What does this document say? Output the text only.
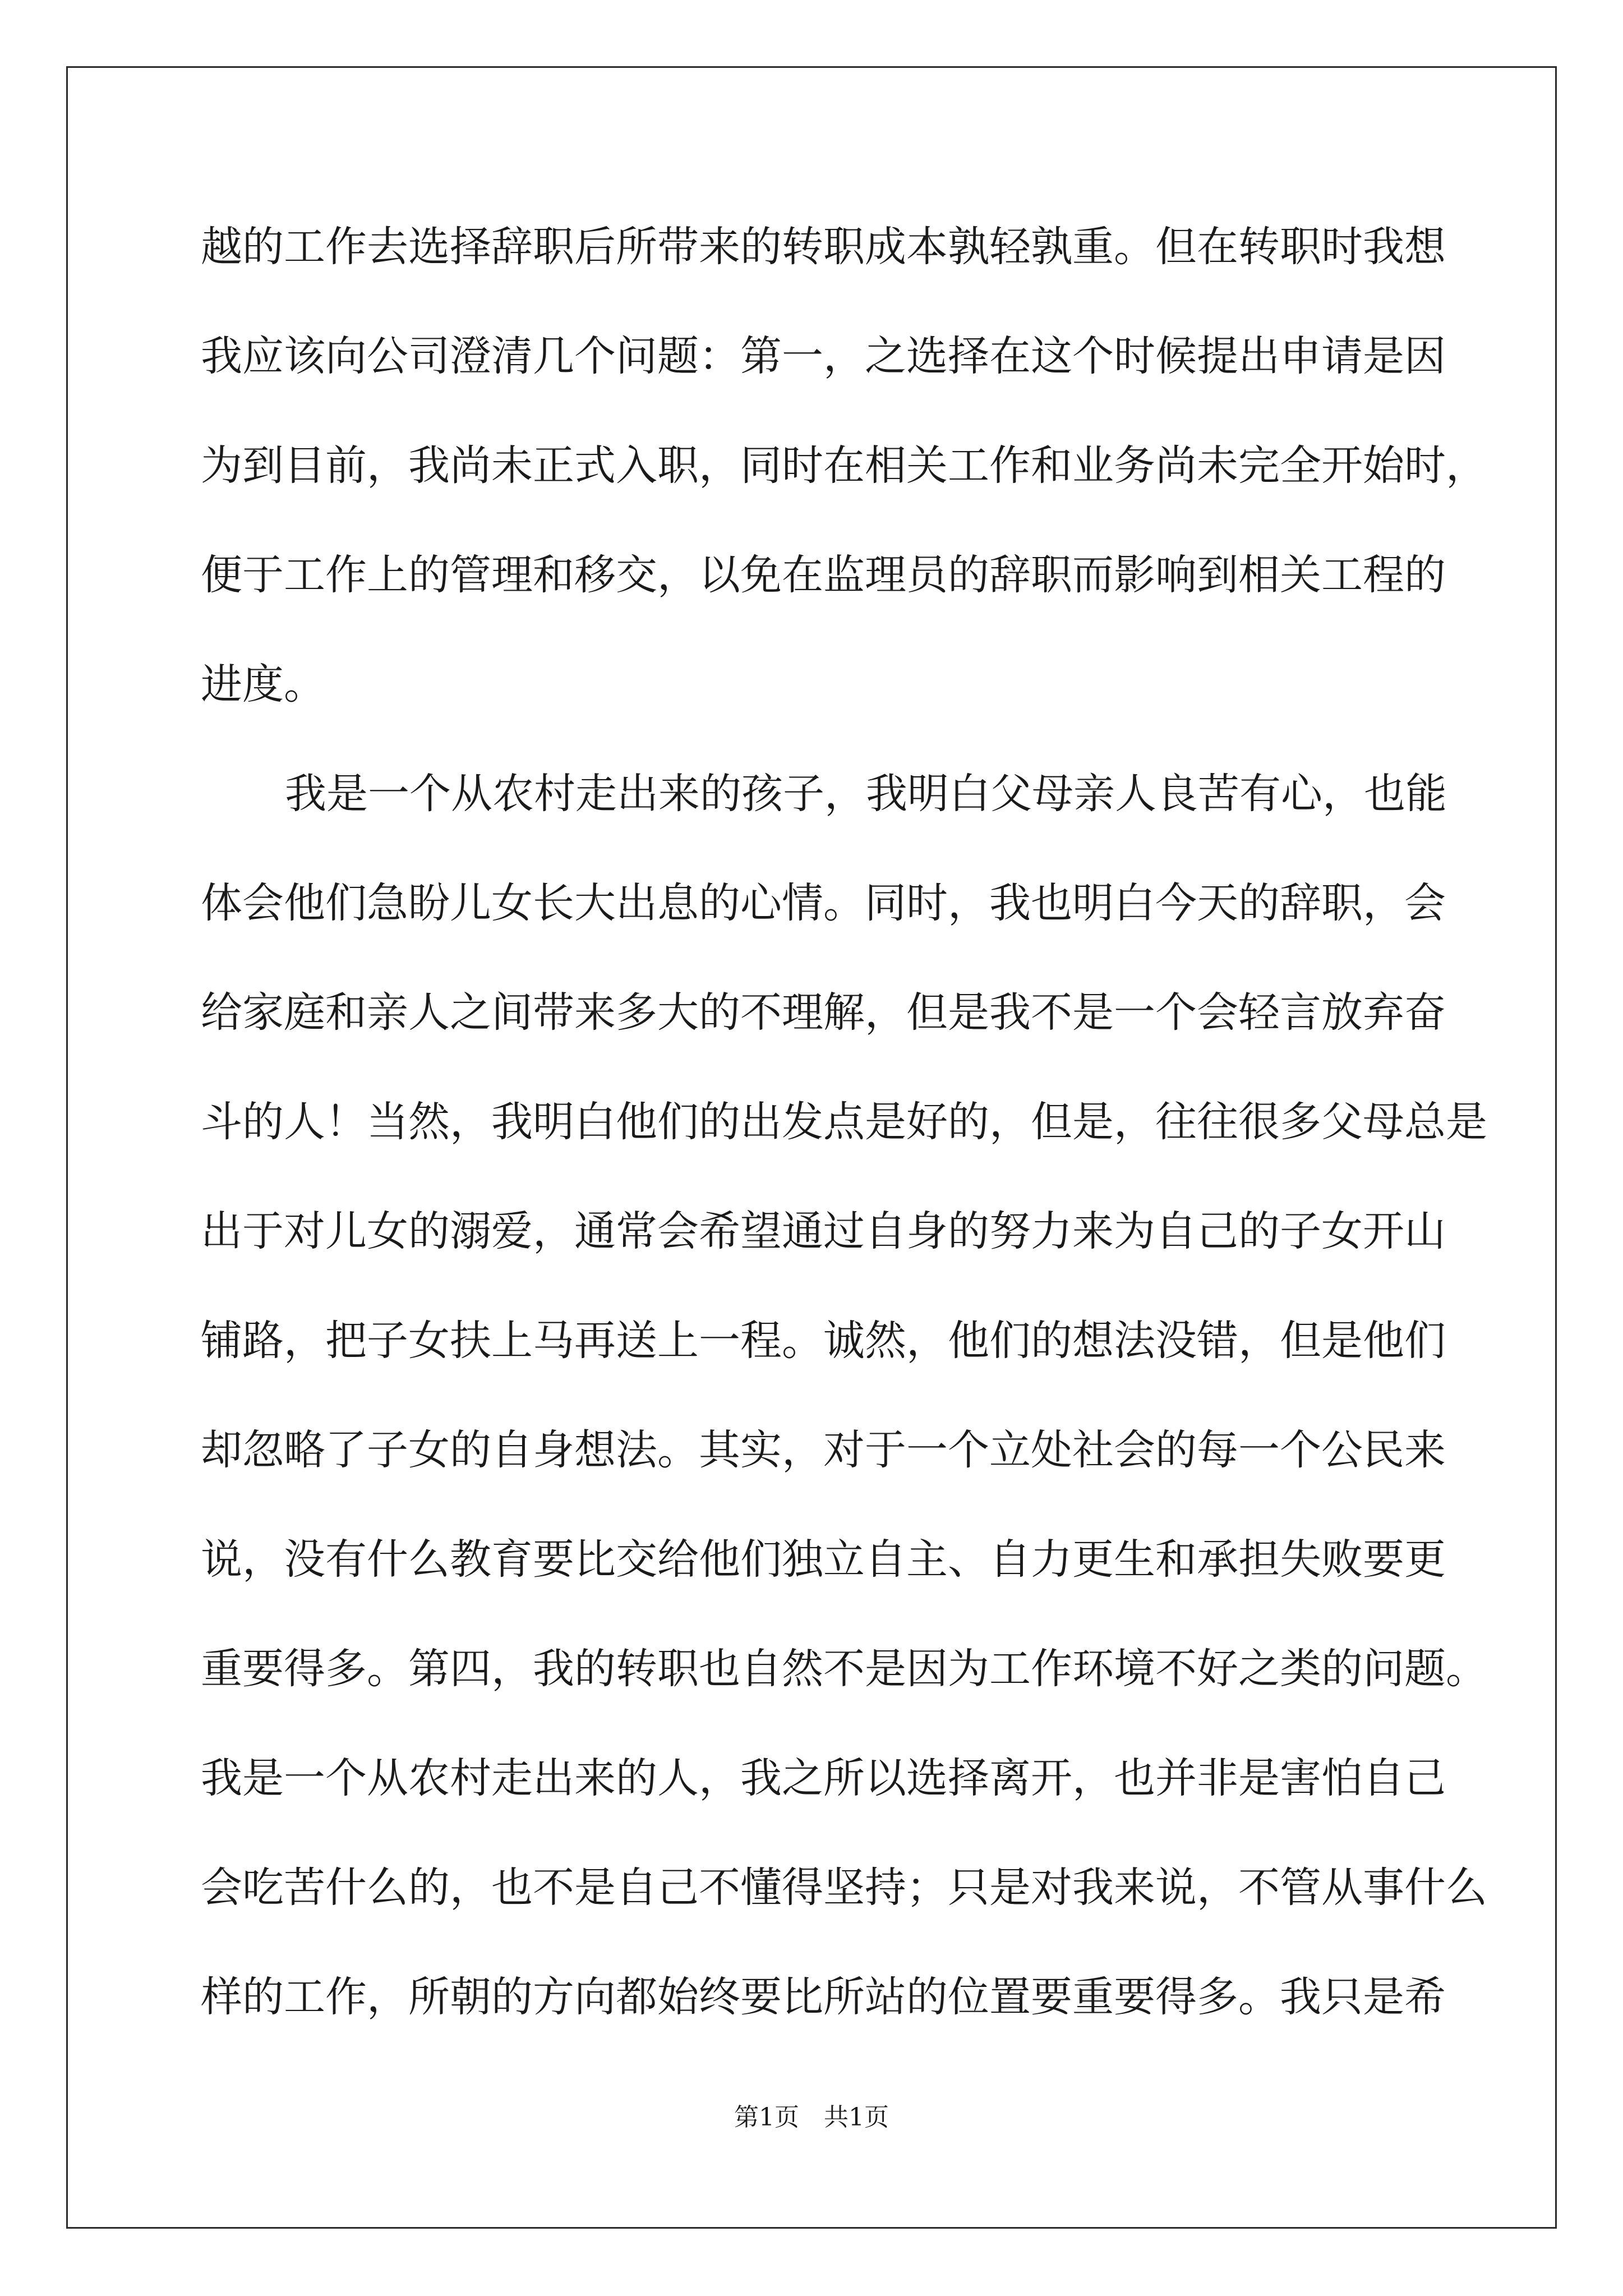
越的工作去选择辞职后所带来的转职成本孰轻孰重。但在转职时我想
我应该向公司澄清几个问题：第一，之选择在这个时候提出申请是因
为到目前，我尚未正式入职，同时在相关工作和业务尚未完全开始时，
便于工作上的管理和移交，以免在监理员的辞职而影响到相关工程的
进度。
我是一个从农村走出来的孩子，我明白父母亲人良苦有心，也能
体会他们急盼儿女长大出息的心情。同时，我也明白今天的辞职，会
给家庭和亲人之间带来多大的不理解，但是我不是一个会轻言放弃奋
斗的人！当然，我明白他们的出发点是好的，但是，往往很多父母总是
出于对儿女的溺爱，通常会希望通过自身的努力来为自己的子女开山
铺路，把子女扶上马再送上一程。诚然，他们的想法没错，但是他们
却忽略了子女的自身想法。其实，对于一个立处社会的每一个公民来
说，没有什么教育要比交给他们独立自主、自力更生和承担失败要更
重要得多。第四，我的转职也自然不是因为工作环境不好之类的问题。
我是一个从农村走出来的人，我之所以选择离开，也并非是害怕自己
会吃苦什么的，也不是自己不懂得坚持；只是对我来说，不管从事什么
样的工作，所朝的方向都始终要比所站的位置要重要得多。我只是希
第1页　共1页
